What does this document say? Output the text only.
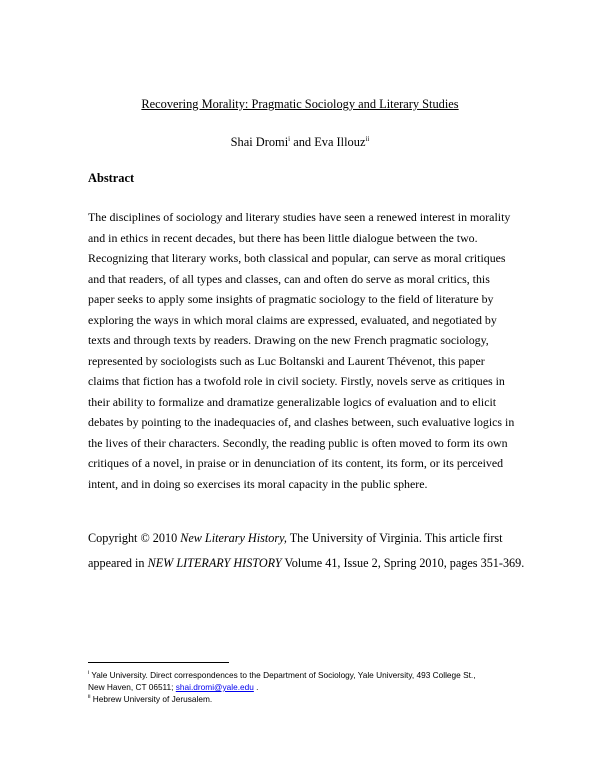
Recovering Morality: Pragmatic Sociology and Literary Studies
Shai Dromi$^i$ and Eva Illouz$^{ii}$
Abstract
The disciplines of sociology and literary studies have seen a renewed interest in morality
and in ethics in recent decades, but there has been little dialogue between the two.
Recognizing that literary works, both classical and popular, can serve as moral critiques
and that readers, of all types and classes, can and often do serve as moral critics, this
paper seeks to apply some insights of pragmatic sociology to the field of literature by
exploring the ways in which moral claims are expressed, evaluated, and negotiated by
texts and through texts by readers. Drawing on the new French pragmatic sociology,
represented by sociologists such as Luc Boltanski and Laurent Thévenot, this paper
claims that fiction has a twofold role in civil society. Firstly, novels serve as critiques in
their ability to formalize and dramatize generalizable logics of evaluation and to elicit
debates by pointing to the inadequacies of, and clashes between, such evaluative logics in
the lives of their characters. Secondly, the reading public is often moved to form its own
critiques of a novel, in praise or in denunciation of its content, its form, or its perceived
intent, and in doing so exercises its moral capacity in the public sphere.
Copyright © 2010 New Literary History, The University of Virginia. This article first
appeared in NEW LITERARY HISTORY Volume 41, Issue 2, Spring 2010, pages 351-369.
$^i$ Yale University. Direct correspondences to the Department of Sociology, Yale University, 493 College St.,
New Haven, CT 06511; shai.dromi@yale.edu .
$^{ii}$ Hebrew University of Jerusalem.
